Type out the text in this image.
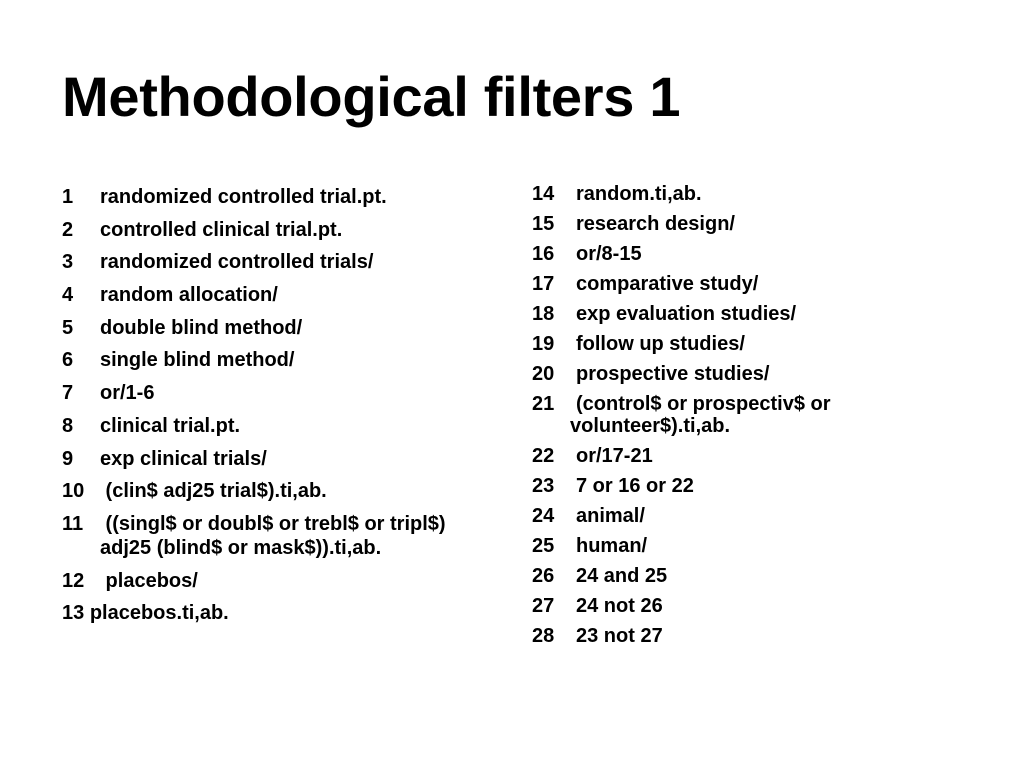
Methodological filters 1
1 randomized controlled trial.pt.
2 controlled clinical trial.pt.
3 randomized controlled trials/
4 random allocation/
5 double blind method/
6 single blind method/
7 or/1-6
8 clinical trial.pt.
9 exp clinical trials/
10 (clin$ adj25 trial$).ti,ab.
11 ((singl$ or doubl$ or trebl$ or tripl$)
adj25 (blind$ or mask$)).ti,ab.
12 placebos/
13 placebos.ti,ab.
14 random.ti,ab.
15 research design/
16 or/8-15
17 comparative study/
18 exp evaluation studies/
19 follow up studies/
20 prospective studies/
21	(control$ or prospectiv$ or
volunteer$).ti,ab.
22 or/17-21
23 7 or 16 or 22
24 animal/
25 human/
26 24 and 25
27 24 not 26
28 23 not 27
